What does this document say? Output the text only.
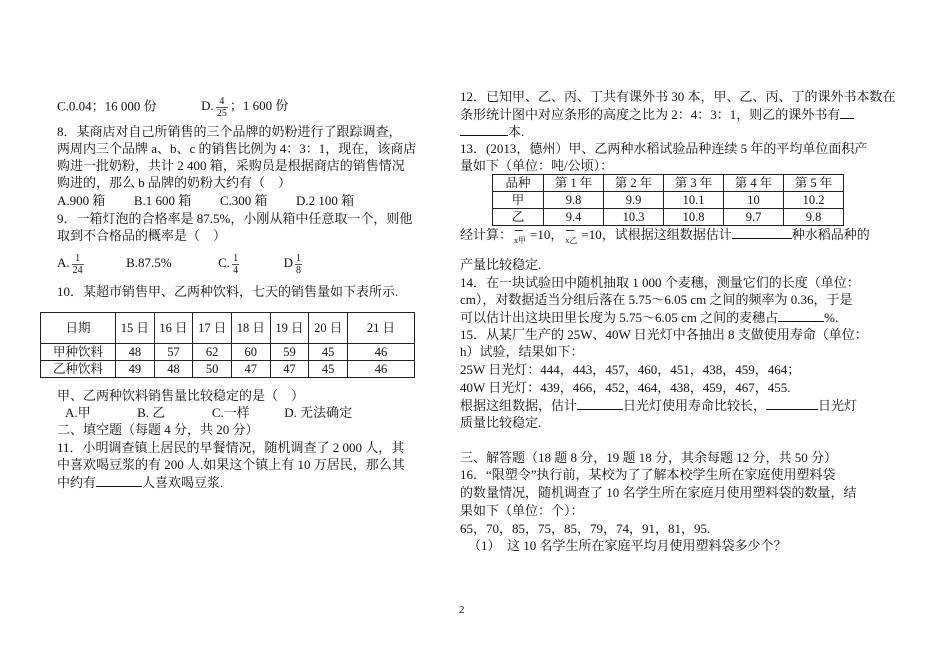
C.0.04；16 000 份	D. $\frac{4}{25}$ ；1 600 份
8．某商店对自己所销售的三个品牌的奶粉进行了跟踪调查，
两周内三个品牌 a、b、c 的销售比例为 4：3：1，现在，该商店
购进一批奶粉，共计 2 400 箱，采购员是根据商店的销售情况
购进的，那么 b 品牌的奶粉大约有（　）
A.900 箱 B.1 600 箱 C.300 箱 D.2 100 箱
9．一箱灯泡的合格率是 87.5%，小刚从箱中任意取一个，则他
取到不合格品的概率是（　）
A. $\frac{1}{24}$	B.87.5%	C. $\frac{1}{4}$	D $\frac{1}{8}$
10．某超市销售甲、乙两种饮料，七天的销售量如下表所示.
日期	15 日	16 日	17 日	18 日	19 日	20 日	21 日
甲种饮料	48	57	62	60	59	45	46
乙种饮料	49	48	50	47	47	45	46
甲、乙两种饮料销售量比较稳定的是（　）
A.甲	B. 乙	C.一样	D. 无法确定
二、填空题（每题 4 分，共 20 分）
11．小明调查镇上居民的早餐情况，随机调查了 2 000 人，其
中喜欢喝豆浆的有 200 人.如果这个镇上有 10 万居民，那么其
中约有	人喜欢喝豆浆.
12．已知甲、乙、丙、丁共有课外书 30 本，甲、乙、丙、丁的课外书本数在
条形统计图中对应条形的高度之比为 2：4：3：1，则乙的课外书有
本.
13．(2013，德州）甲、乙两种水稻试验品种连续 5 年的平均单位面积产
量如下（单位：吨/公顷）：
品种	第 1 年	第 2 年	第 3 年	第 4 年	第 5 年
甲	9.8	9.9	10.1	10	10.2
乙	9.4	10.3	10.8	9.7	9.8
经计算： x甲 =10， x乙 =10，试根据这组数据估计	种水稻品种的
产量比较稳定.
14．在一块试验田中随机抽取 1 000 个麦穗，测量它们的长度（单位：
cm），对数据适当分组后落在 5.75～6.05 cm 之间的频率为 0.36，于是
可以估计出这块田里长度为 5.75～6.05 cm 之间的麦穗占	%.
15．从某厂生产的 25W、40W 日光灯中各抽出 8 支做使用寿命（单位：
h）试验，结果如下：
25W 日光灯：444，443，457，460，451，438，459，464；
40W 日光灯：439，466，452，464，438，459，467，455.
根据这组数据，估计	日光灯使用寿命比较长，	日光灯
质量比较稳定.
三、解答题（18 题 8 分，19 题 18 分，其余每题 12 分，共 50 分）
16．“限塑令”执行前，某校为了了解本校学生所在家庭使用塑料袋
的数量情况，随机调查了 10 名学生所在家庭月使用塑料袋的数量，结
果如下（单位：个）：
65，70，85，75，85，79，74，91，81，95.
（1）　这 10 名学生所在家庭平均月使用塑料袋多少个？
2
